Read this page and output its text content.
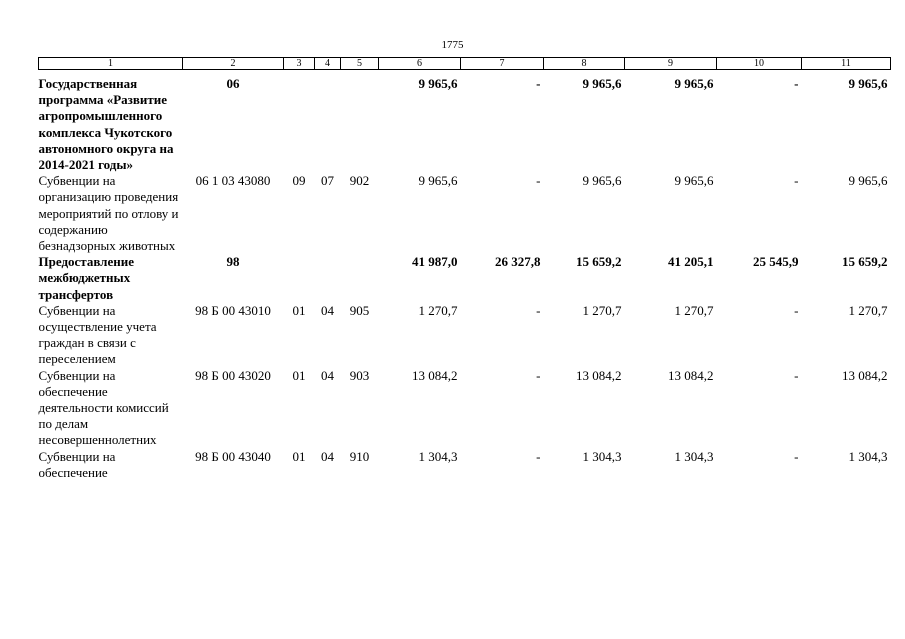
1775
1	2	3	4	5	6	7	8	9	10	11
Государственная программа «Развитие агропромышленного комплекса Чукотского автономного округа на 2014-2021 годы»	06				9 965,6	-	9 965,6	9 965,6	-	9 965,6
Субвенции на организацию проведения мероприятий по отлову и содержанию безнадзорных животных	06 1 03 43080	09	07	902	9 965,6	-	9 965,6	9 965,6	-	9 965,6
Предоставление межбюджетных трансфертов	98				41 987,0	26 327,8	15 659,2	41 205,1	25 545,9	15 659,2
Субвенции на осуществление учета граждан в связи с переселением	98 Б 00 43010	01	04	905	1 270,7	-	1 270,7	1 270,7	-	1 270,7
Субвенции на обеспечение деятельности комиссий по делам несовершеннолетних	98 Б 00 43020	01	04	903	13 084,2	-	13 084,2	13 084,2	-	13 084,2
Субвенции на обеспечение	98 Б 00 43040	01	04	910	1 304,3	-	1 304,3	1 304,3	-	1 304,3
